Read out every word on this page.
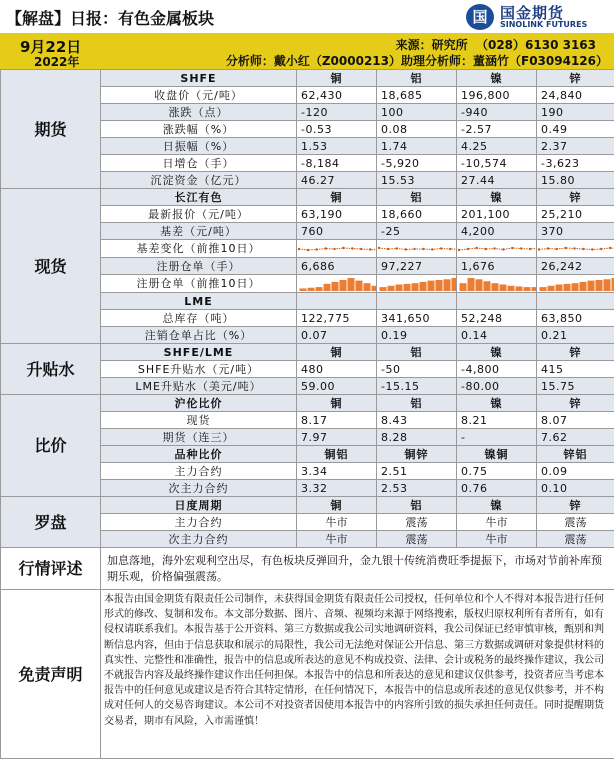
【解盘】日报：有色金属板块	国 国金期货
SINOLINK FUTURES
9月22日
2022年
来源：研究所  （028）6130 3163
分析师：戴小红（Z0000213）助理分析师：董涵竹（F03094126）
期货	SHFE	铜	铝	镍	锌
	收盘价（元/吨）	62,430	18,685	196,800	24,840
	涨跌（点）	-120	100	-940	190
	涨跌幅（%）	-0.53	0.08	-2.57	0.49
	日振幅（%）	1.53	1.74	4.25	2.37
	日增仓（手）	-8,184	-5,920	-10,574	-3,623
	沉淀资金（亿元）	46.27	15.53	27.44	15.80
现货	长江有色	铜	铝	镍	锌
	最新报价（元/吨）	63,190	18,660	201,100	25,210
	基差（元/吨）	760	-25	4,200	370
	基差变化（前推10日）	

	注册仓单（手）	6,686	97,227	1,676	26,242
	注册仓单（前推10日）	

	LME				
	总库存（吨）	122,775	341,650	52,248	63,850
	注销仓单占比（%）	0.07	0.19	0.14	0.21
升贴水	SHFE/LME	铜	铝	镍	锌
	SHFE升贴水（元/吨）	480	-50	-4,800	415
	LME升贴水（美元/吨）	59.00	-15.15	-80.00	15.75
比价	沪伦比价	铜	铝	镍	锌
	现货	8.17	8.43	8.21	8.07
	期货（连三）	7.97	8.28	-	7.62
	品种比价	铜铝	铜锌	镍铜	锌铝
	主力合约	3.34	2.51	0.75	0.09
	次主力合约	3.32	2.53	0.76	0.10
罗盘	日度周期	铜	铝	镍	锌
	主力合约	牛市	震荡	牛市	震荡
	次主力合约	牛市	震荡	牛市	震荡
行情评述	加息落地，海外宏观利空出尽，有色板块反弹回升，金九银十传统消费旺季提振下，市场对节前补库预期乐观，价格偏强震荡。				
免责声明	本报告由国金期货有限责任公司制作，未获得国金期货有限责任公司授权，任何单位和个人不得对本报告进行任何形式的修改、复制和发布。本文部分数据、图片、音频、视频均来源于网络搜索，版权归原权利所有者所有，如有侵权请联系我们。本报告基于公开资料、第三方数据或我公司实地调研资料，我公司保证已经审慎审核，甄别和判断信息内容，但由于信息获取和展示的局限性，我公司无法绝对保证公开信息、第三方数据或调研对象提供材料的真实性、完整性和准确性，报告中的信息或所表达的意见不构成投资、法律、会计或税务的最终操作建议，我公司不就报告内容及最终操作建议作出任何担保。本报告中的信息和所表达的意见和建议仅供参考，投资者应当考虑本报告中的任何意见或建议是否符合其特定情形，在任何情况下，本报告中的信息或所表述的意见仅供参考，并不构成对任何人的交易咨询建议。本公司不对投资者因使用本报告中的内容所引致的损失承担任何责任。同时提醒期货交易者，期市有风险，入市需谨慎！				
